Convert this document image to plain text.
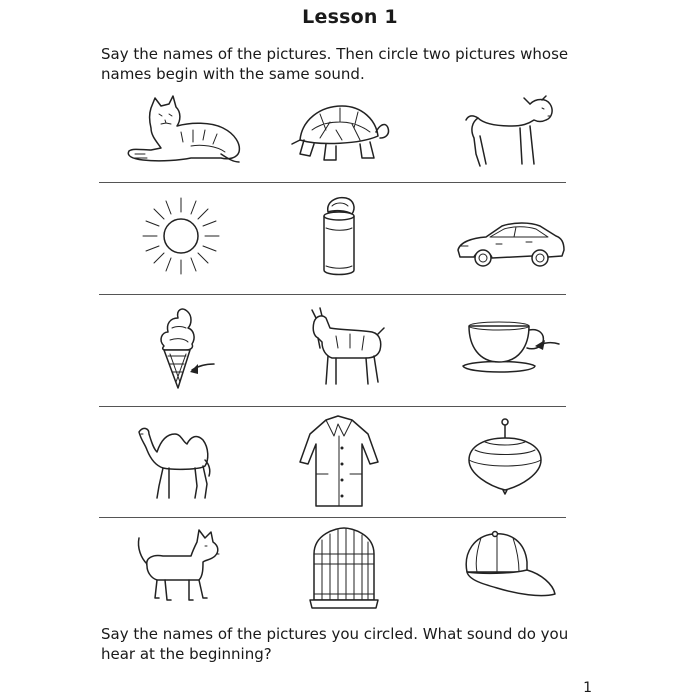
Lesson 1
Say the names of the pictures. Then circle two pictures whose names begin with the same sound.
Say the names of the pictures you circled. What sound do you hear at the beginning?
1
